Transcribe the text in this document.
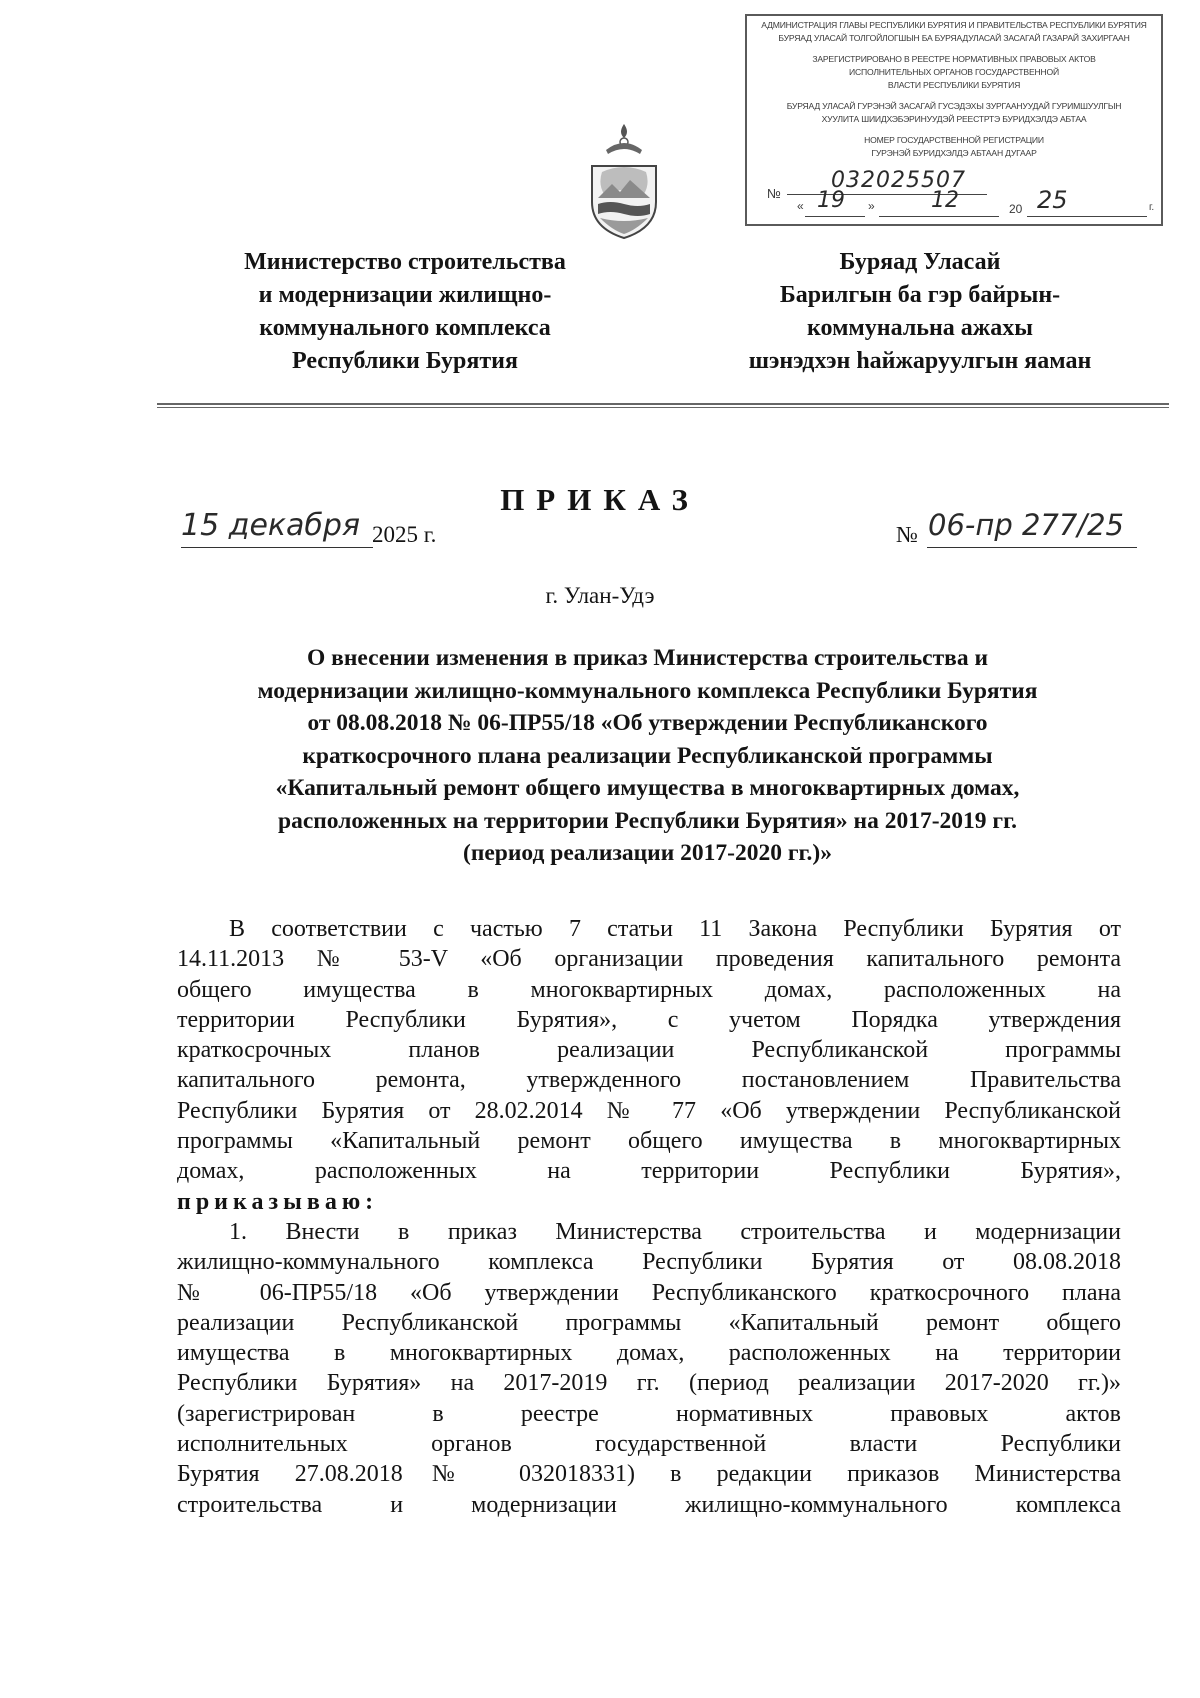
АДМИНИСТРАЦИЯ ГЛАВЫ РЕСПУБЛИКИ БУРЯТИЯ И ПРАВИТЕЛЬСТВА РЕСПУБЛИКИ БУРЯТИЯ
БУРЯАД УЛАСАЙ ТОЛГОЙЛОГШЫН БА БУРЯАДУЛАСАЙ ЗАСАГАЙ ГАЗАРАЙ ЗАХИРГААН
ЗАРЕГИСТРИРОВАНО В РЕЕСТРЕ НОРМАТИВНЫХ ПРАВОВЫХ АКТОВ
ИСПОЛНИТЕЛЬНЫХ ОРГАНОВ ГОСУДАРСТВЕННОЙ
ВЛАСТИ РЕСПУБЛИКИ БУРЯТИЯ
БУРЯАД УЛАСАЙ ГУРЭНЭЙ ЗАСАГАЙ ГУСЭДЭХЫ ЗУРГААНУУДАЙ ГУРИМШУУЛГЫН
ХУУЛИТА ШИИДХЭБЭРИНУУДЭЙ РЕЕСТРТЭ БУРИДХЭЛДЭ АБТАА
НОМЕР ГОСУДАРСТВЕННОЙ РЕГИСТРАЦИИ
ГУРЭНЭЙ БУРИДХЭЛДЭ АБТААН ДУГААР
№
032025507
« 19 »	12	20 25	г.
Министерство строительства
и модернизации жилищно-
коммунального комплекса
Республики Бурятия
Буряад Уласай
Барилгын ба гэр байрын-
коммунальна ажахы
шэнэдхэн һайжаруулгын яаман
ПРИКАЗ
15 декабря 2025 г.	№ 06-пр 277/25
г. Улан-Удэ
О внесении изменения в приказ Министерства строительства и
модернизации жилищно-коммунального комплекса Республики Бурятия
от 08.08.2018 № 06-ПР55/18 «Об утверждении Республиканского
краткосрочного плана реализации Республиканской программы
«Капитальный ремонт общего имущества в многоквартирных домах,
расположенных на территории Республики Бурятия» на 2017-2019 гг.
(период реализации 2017-2020 гг.)»
В соответствии с частью 7 статьи 11 Закона Республики Бурятия от
14.11.2013 № 53-V «Об организации проведения капитального ремонта
общего имущества в многоквартирных домах, расположенных на
территории Республики Бурятия», с учетом Порядка утверждения
краткосрочных планов реализации Республиканской программы
капитального ремонта, утвержденного постановлением Правительства
Республики Бурятия от 28.02.2014 № 77 «Об утверждении Республиканской
программы «Капитальный ремонт общего имущества в многоквартирных
домах, расположенных на территории Республики Бурятия»,
приказываю:
1. Внести в приказ Министерства строительства и модернизации
жилищно-коммунального комплекса Республики Бурятия от 08.08.2018
№ 06-ПР55/18 «Об утверждении Республиканского краткосрочного плана
реализации Республиканской программы «Капитальный ремонт общего
имущества в многоквартирных домах, расположенных на территории
Республики Бурятия» на 2017-2019 гг. (период реализации 2017-2020 гг.)»
(зарегистрирован в реестре нормативных правовых актов
исполнительных органов государственной власти Республики
Бурятия 27.08.2018№ 032018331) в редакции приказов Министерства
строительства и модернизации жилищно-коммунального комплекса
